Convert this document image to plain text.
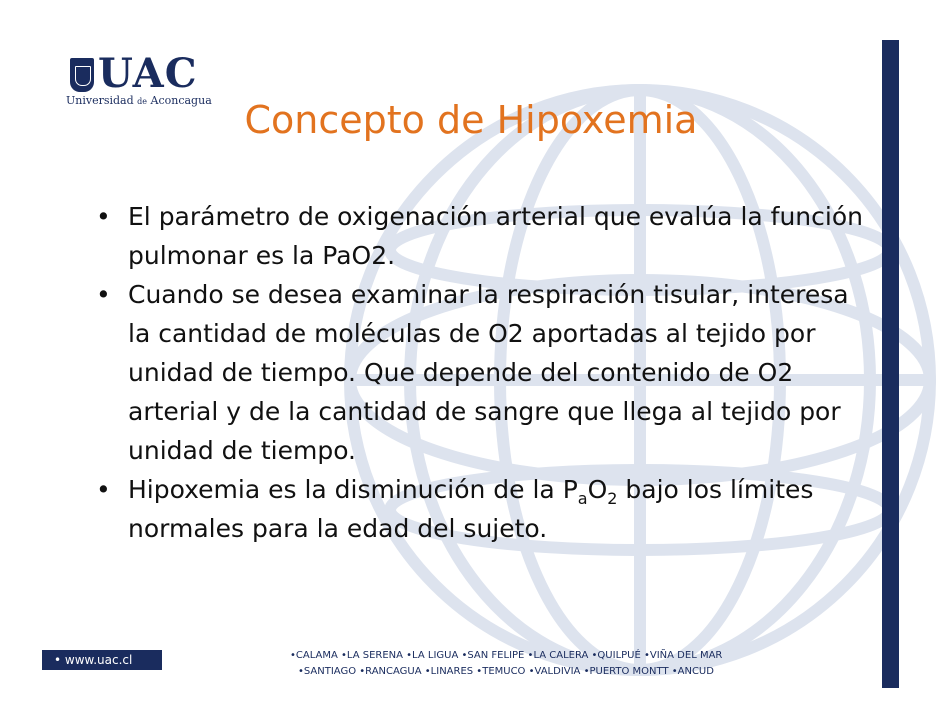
UAC
Universidad de Aconcagua Concepto de Hipoxemia
• El parámetro de oxigenación arterial que evalúa la función pulmonar es la PaO2.
• Cuando se desea examinar la respiración tisular, interesa la cantidad de moléculas de O2 aportadas al tejido por unidad de tiempo. Que depende del contenido de O2 arterial y de la cantidad de sangre que llega al tejido por unidad de tiempo.
• Hipoxemia es la disminución de la $P_aO_2$ bajo los límites normales para la edad del sujeto.
• www.uac.cl	•CALAMA •LA SERENA •LA LIGUA •SAN FELIPE •LA CALERA •QUILPUÉ •VIÑA DEL MAR
•SANTIAGO •RANCAGUA •LINARES •TEMUCO •VALDIVIA •PUERTO MONTT •ANCUD
